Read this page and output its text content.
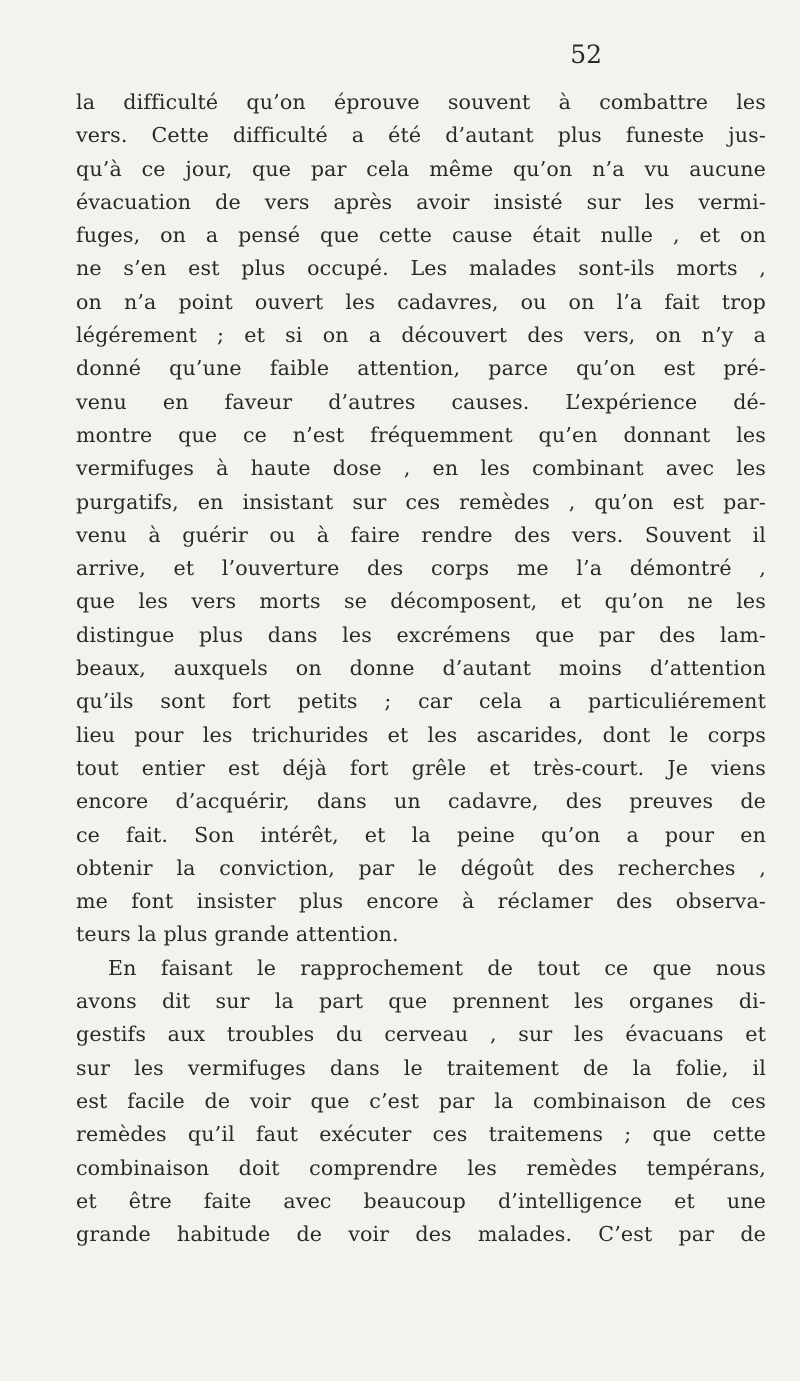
52
la difficulté qu’on éprouve souvent à combattre les
vers. Cette difficulté a été d’autant plus funeste jus-
qu’à ce jour, que par cela même qu’on n’a vu aucune
évacuation de vers après avoir insisté sur les vermi-
fuges, on a pensé que cette cause était nulle , et on
ne s’en est plus occupé. Les malades sont-ils morts ,
on n’a point ouvert les cadavres, ou on l’a fait trop
légérement ; et si on a découvert des vers, on n’y a
donné qu’une faible attention, parce qu’on est pré-
venu en faveur d’autres causes. L’expérience dé-
montre que ce n’est fréquemment qu’en donnant les
vermifuges à haute dose , en les combinant avec les
purgatifs, en insistant sur ces remèdes , qu’on est par-
venu à guérir ou à faire rendre des vers. Souvent il
arrive, et l’ouverture des corps me l’a démontré ,
que les vers morts se décomposent, et qu’on ne les
distingue plus dans les excrémens que par des lam-
beaux, auxquels on donne d’autant moins d’attention
qu’ils sont fort petits ; car cela a particuliérement
lieu pour les trichurides et les ascarides, dont le corps
tout entier est déjà fort grêle et très-court. Je viens
encore d’acquérir, dans un cadavre, des preuves de
ce fait. Son intérêt, et la peine qu’on a pour en
obtenir la conviction, par le dégoût des recherches ,
me font insister plus encore à réclamer des observa-
teurs la plus grande attention.
En faisant le rapprochement de tout ce que nous
avons dit sur la part que prennent les organes di-
gestifs aux troubles du cerveau , sur les évacuans et
sur les vermifuges dans le traitement de la folie, il
est facile de voir que c’est par la combinaison de ces
remèdes qu’il faut exécuter ces traitemens ; que cette
combinaison doit comprendre les remèdes tempérans,
et être faite avec beaucoup d’intelligence et une
grande habitude de voir des malades. C’est par de
